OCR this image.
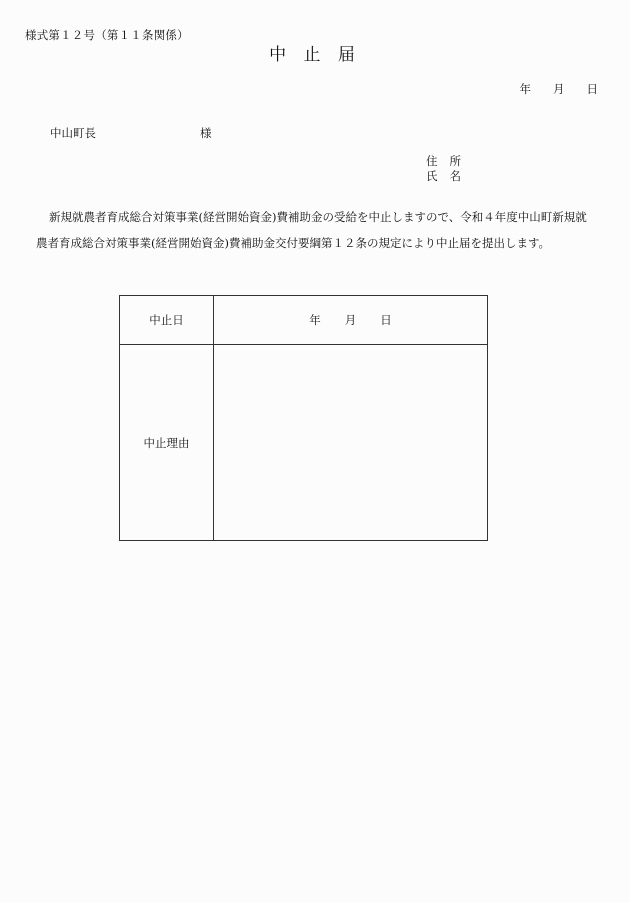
様式第１２号（第１１条関係）
中 止 届
年 月 日
中山町長	様
住 所
氏 名
新規就農者育成総合対策事業(経営開始資金)費補助金の受給を中止しますので、令和４年度中山町新規就
農者育成総合対策事業(経営開始資金)費補助金交付要綱第１２条の規定により中止届を提出します。
中止日	年 月 日
中止理由	
